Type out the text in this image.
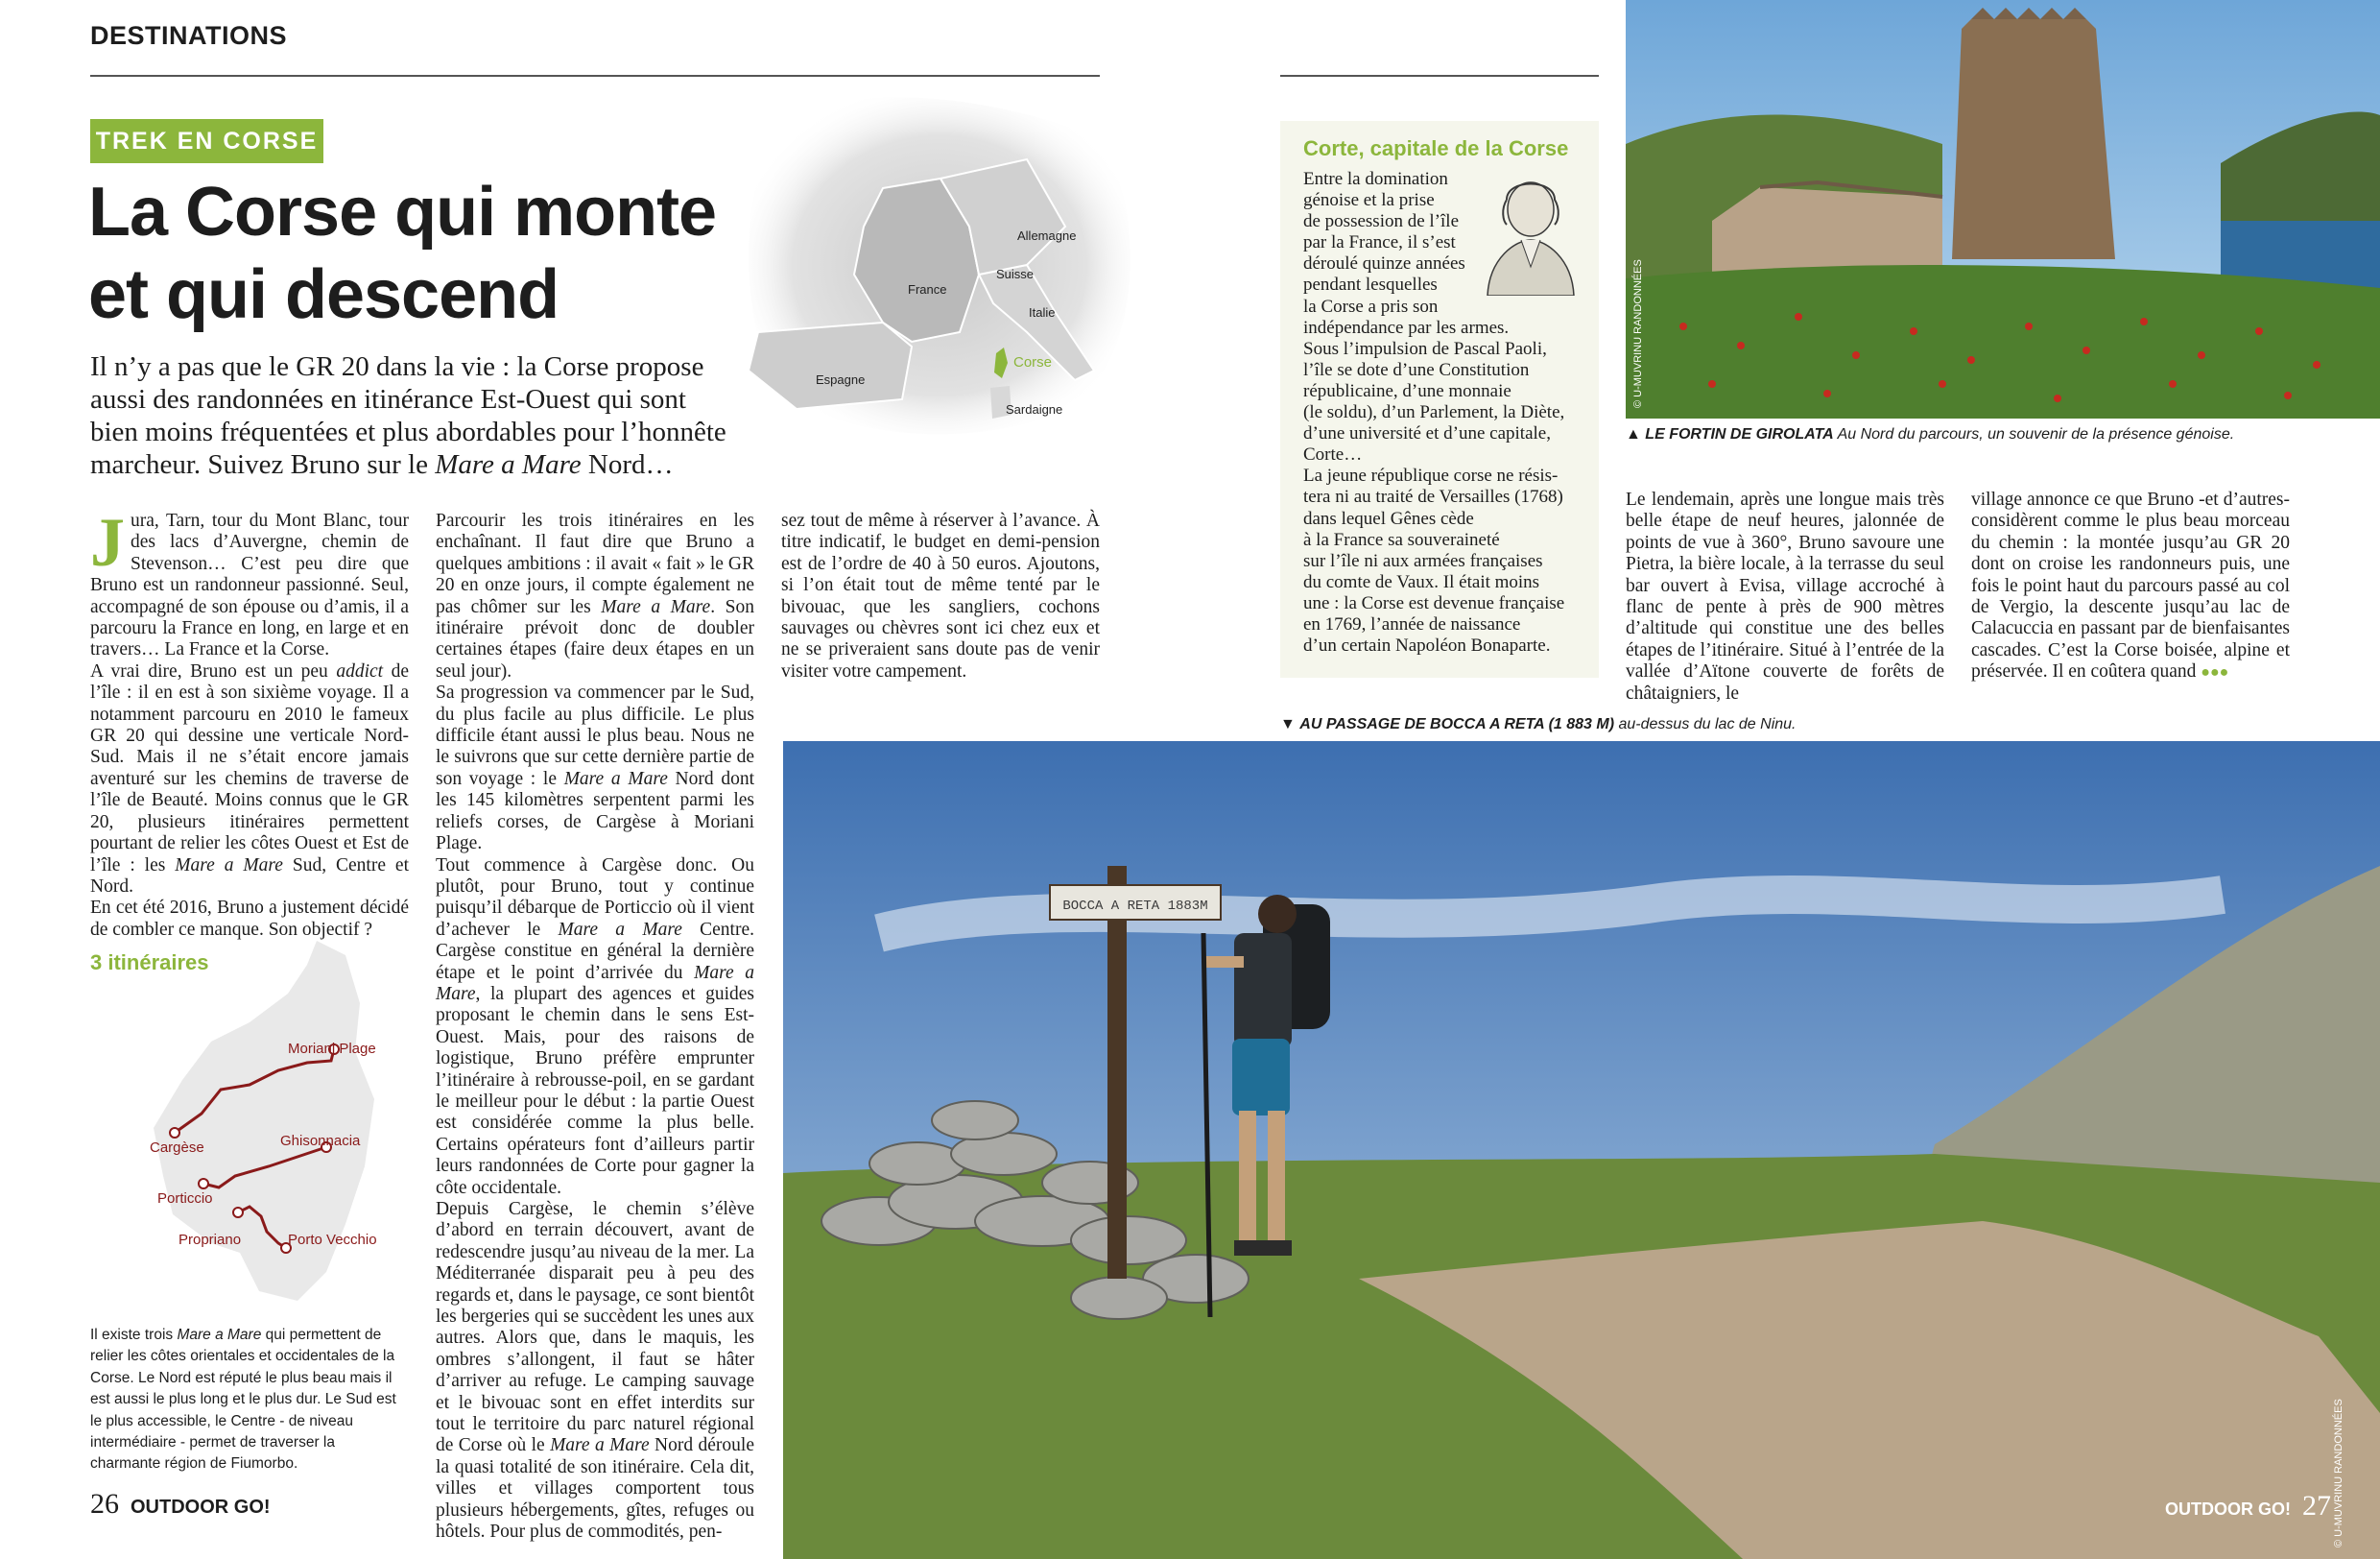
DESTINATIONS
TREK EN CORSE
La Corse qui monte
et qui descend
Il n’y a pas que le GR 20 dans la vie : la Corse propose
aussi des randonnées en itinérance Est-Ouest qui sont
bien moins fréquentées et plus abordables pour l’honnête
marcheur. Suivez Bruno sur le Mare a Mare Nord…
Allemagne
France
Suisse
Italie
Espagne
Corse
Sardaigne
Jura, Tarn, tour du Mont Blanc, tour des lacs d’Auvergne, chemin de Stevenson… C’est peu dire que Bruno est un randonneur passionné. Seul, accompagné de son épouse ou d’amis, il a parcouru la France en long, en large et en travers… La France et la Corse.
A vrai dire, Bruno est un peu addict de l’île : il en est à son sixième voyage. Il a notamment parcouru en 2010 le fameux GR 20 qui dessine une verticale Nord-Sud. Mais il ne s’était encore jamais aventuré sur les chemins de traverse de l’île de Beauté. Moins connus que le GR 20, plusieurs itinéraires permettent pourtant de relier les côtes Ouest et Est de l’île : les Mare a Mare Sud, Centre et Nord.
En cet été 2016, Bruno a justement décidé de combler ce manque. Son objectif ?
3 itinéraires
Moriani Plage
Cargèse	Ghisonnacia
Porticcio
Propriano	Porto Vecchio
Il existe trois Mare a Mare qui permettent de relier les côtes orientales et occidentales de la Corse. Le Nord est réputé le plus beau mais il est aussi le plus long et le plus dur. Le Sud est le plus accessible, le Centre - de niveau intermédiaire - permet de traverser la charmante région de Fiumorbo.
Parcourir les trois itinéraires en les enchaînant. Il faut dire que Bruno a quelques ambitions : il avait « fait » le GR 20 en onze jours, il compte également ne pas chômer sur les Mare a Mare. Son itinéraire prévoit donc de doubler certaines étapes (faire deux étapes en un seul jour).
Sa progression va commencer par le Sud, du plus facile au plus difficile. Le plus difficile étant aussi le plus beau. Nous ne le suivrons que sur cette dernière partie de son voyage : le Mare a Mare Nord dont les 145 kilomètres serpentent parmi les reliefs corses, de Cargèse à Moriani Plage.
Tout commence à Cargèse donc. Ou plutôt, pour Bruno, tout y continue puisqu’il débarque de Porticcio où il vient d’achever le Mare a Mare Centre. Cargèse constitue en général la dernière étape et le point d’arrivée du Mare a Mare, la plupart des agences et guides proposant le chemin dans le sens Est-Ouest. Mais, pour des raisons de logistique, Bruno préfère emprunter l’itinéraire à rebrousse-poil, en se gardant le meilleur pour le début : la partie Ouest est considérée comme la plus belle. Certains opérateurs font d’ailleurs partir leurs randonnées de Corte pour gagner la côte occidentale.
Depuis Cargèse, le chemin s’élève d’abord en terrain découvert, avant de redescendre jusqu’au niveau de la mer. La Méditerranée disparait peu à peu des regards et, dans le paysage, ce sont bientôt les bergeries qui se succèdent les unes aux autres. Alors que, dans le maquis, les ombres s’allongent, il faut se hâter d’arriver au refuge. Le camping sauvage et le bivouac sont en effet interdits sur tout le territoire du parc naturel régional de Corse où le Mare a Mare Nord déroule la quasi totalité de son itinéraire. Cela dit, villes et villages comportent tous plusieurs hébergements, gîtes, refuges ou hôtels. Pour plus de commodités, pen-
sez tout de même à réserver à l’avance. À titre indicatif, le budget en demi-pension est de l’ordre de 40 à 50 euros. Ajoutons, si l’on était tout de même tenté par le bivouac, que les sangliers, cochons sauvages ou chèvres sont ici chez eux et ne se priveraient sans doute pas de venir visiter votre campement.
Corte, capitale de la Corse
Entre la domination
génoise et la prise
de possession de l’île
par la France, il s’est
déroulé quinze années
pendant lesquelles
la Corse a pris son
indépendance par les armes.
Sous l’impulsion de Pascal Paoli,
l’île se dote d’une Constitution
républicaine, d’une monnaie
(le soldu), d’un Parlement, la Diète,
d’une université et d’une capitale,
Corte…
La jeune république corse ne résis-
tera ni au traité de Versailles (1768)
dans lequel Gênes cède
à la France sa souveraineté
sur l’île ni aux armées françaises
du comte de Vaux. Il était moins
une : la Corse est devenue française
en 1769, l’année de naissance
d’un certain Napoléon Bonaparte.
© U-MUVRINU RANDONNÉES
▲ LE FORTIN DE GIROLATA Au Nord du parcours, un souvenir de la présence génoise.
Le lendemain, après une longue mais très belle étape de neuf heures, jalonnée de points de vue à 360°, Bruno savoure une Pietra, la bière locale, à la terrasse du seul bar ouvert à Evisa, village accroché à flanc de pente à près de 900 mètres d’altitude qui constitue une des belles étapes de l’itinéraire. Situé à l’entrée de la vallée d’Aïtone couverte de forêts de châtaigniers, le
village annonce ce que Bruno -et d’autres- considèrent comme le plus beau morceau du chemin : la montée jusqu’au GR 20 dont on croise les randonneurs puis, une fois le point haut du parcours passé au col de Vergio, la descente jusqu’au lac de Calacuccia en passant par de bienfaisantes cascades. C’est la Corse boisée, alpine et préservée. Il en coûtera quand ●●●
▼ AU PASSAGE DE BOCCA A RETA (1 883 M) au-dessus du lac de Ninu.
BOCCA A RETA 1883M
© U-MUVRINU RANDONNÉES
26 OUTDOOR GO!	OUTDOOR GO! 27
